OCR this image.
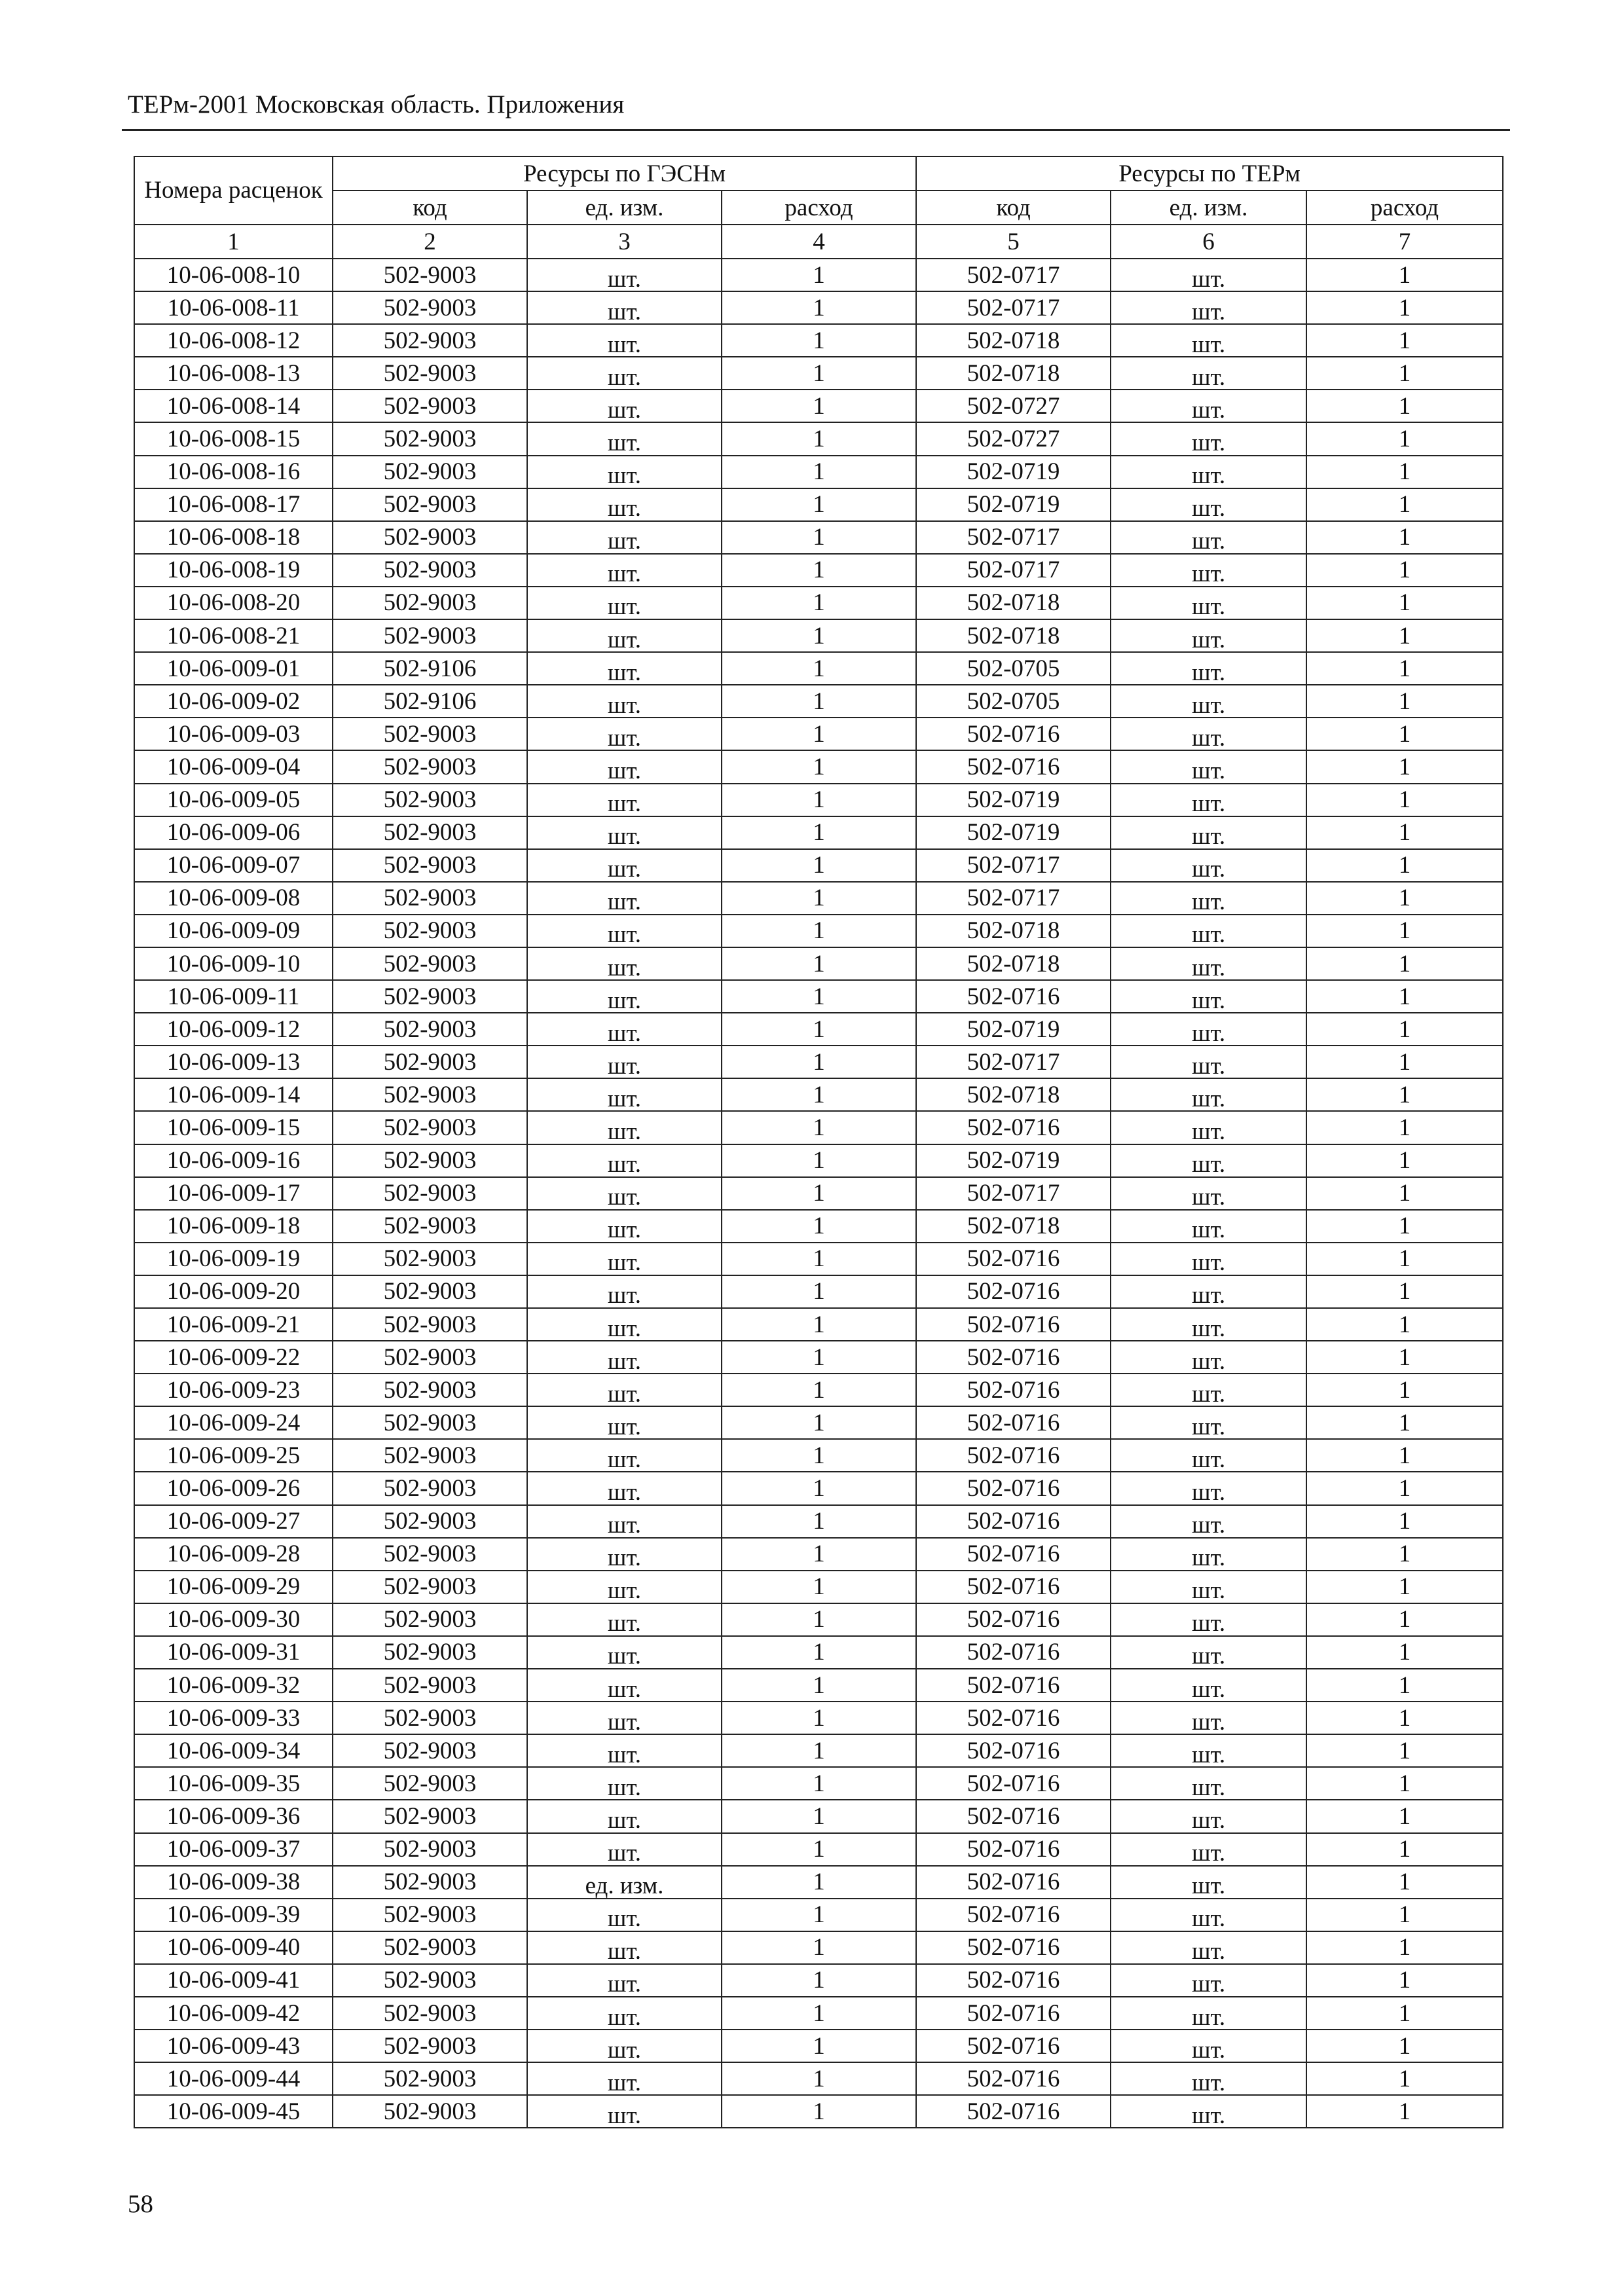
ТЕРм-2001 Московская область. Приложения
Номера расценок	Ресурсы по ГЭСНм			Ресурсы по ТЕРм		
	код	ед. изм.	расход	код	ед. изм.	расход
1	2	3	4	5	6	7
10-06-008-10	502-9003	шт.	1	502-0717	шт.	1
10-06-008-11	502-9003	шт.	1	502-0717	шт.	1
10-06-008-12	502-9003	шт.	1	502-0718	шт.	1
10-06-008-13	502-9003	шт.	1	502-0718	шт.	1
10-06-008-14	502-9003	шт.	1	502-0727	шт.	1
10-06-008-15	502-9003	шт.	1	502-0727	шт.	1
10-06-008-16	502-9003	шт.	1	502-0719	шт.	1
10-06-008-17	502-9003	шт.	1	502-0719	шт.	1
10-06-008-18	502-9003	шт.	1	502-0717	шт.	1
10-06-008-19	502-9003	шт.	1	502-0717	шт.	1
10-06-008-20	502-9003	шт.	1	502-0718	шт.	1
10-06-008-21	502-9003	шт.	1	502-0718	шт.	1
10-06-009-01	502-9106	шт.	1	502-0705	шт.	1
10-06-009-02	502-9106	шт.	1	502-0705	шт.	1
10-06-009-03	502-9003	шт.	1	502-0716	шт.	1
10-06-009-04	502-9003	шт.	1	502-0716	шт.	1
10-06-009-05	502-9003	шт.	1	502-0719	шт.	1
10-06-009-06	502-9003	шт.	1	502-0719	шт.	1
10-06-009-07	502-9003	шт.	1	502-0717	шт.	1
10-06-009-08	502-9003	шт.	1	502-0717	шт.	1
10-06-009-09	502-9003	шт.	1	502-0718	шт.	1
10-06-009-10	502-9003	шт.	1	502-0718	шт.	1
10-06-009-11	502-9003	шт.	1	502-0716	шт.	1
10-06-009-12	502-9003	шт.	1	502-0719	шт.	1
10-06-009-13	502-9003	шт.	1	502-0717	шт.	1
10-06-009-14	502-9003	шт.	1	502-0718	шт.	1
10-06-009-15	502-9003	шт.	1	502-0716	шт.	1
10-06-009-16	502-9003	шт.	1	502-0719	шт.	1
10-06-009-17	502-9003	шт.	1	502-0717	шт.	1
10-06-009-18	502-9003	шт.	1	502-0718	шт.	1
10-06-009-19	502-9003	шт.	1	502-0716	шт.	1
10-06-009-20	502-9003	шт.	1	502-0716	шт.	1
10-06-009-21	502-9003	шт.	1	502-0716	шт.	1
10-06-009-22	502-9003	шт.	1	502-0716	шт.	1
10-06-009-23	502-9003	шт.	1	502-0716	шт.	1
10-06-009-24	502-9003	шт.	1	502-0716	шт.	1
10-06-009-25	502-9003	шт.	1	502-0716	шт.	1
10-06-009-26	502-9003	шт.	1	502-0716	шт.	1
10-06-009-27	502-9003	шт.	1	502-0716	шт.	1
10-06-009-28	502-9003	шт.	1	502-0716	шт.	1
10-06-009-29	502-9003	шт.	1	502-0716	шт.	1
10-06-009-30	502-9003	шт.	1	502-0716	шт.	1
10-06-009-31	502-9003	шт.	1	502-0716	шт.	1
10-06-009-32	502-9003	шт.	1	502-0716	шт.	1
10-06-009-33	502-9003	шт.	1	502-0716	шт.	1
10-06-009-34	502-9003	шт.	1	502-0716	шт.	1
10-06-009-35	502-9003	шт.	1	502-0716	шт.	1
10-06-009-36	502-9003	шт.	1	502-0716	шт.	1
10-06-009-37	502-9003	шт.	1	502-0716	шт.	1
10-06-009-38	502-9003	ед. изм.	1	502-0716	шт.	1
10-06-009-39	502-9003	шт.	1	502-0716	шт.	1
10-06-009-40	502-9003	шт.	1	502-0716	шт.	1
10-06-009-41	502-9003	шт.	1	502-0716	шт.	1
10-06-009-42	502-9003	шт.	1	502-0716	шт.	1
10-06-009-43	502-9003	шт.	1	502-0716	шт.	1
10-06-009-44	502-9003	шт.	1	502-0716	шт.	1
10-06-009-45	502-9003	шт.	1	502-0716	шт.	1
58
